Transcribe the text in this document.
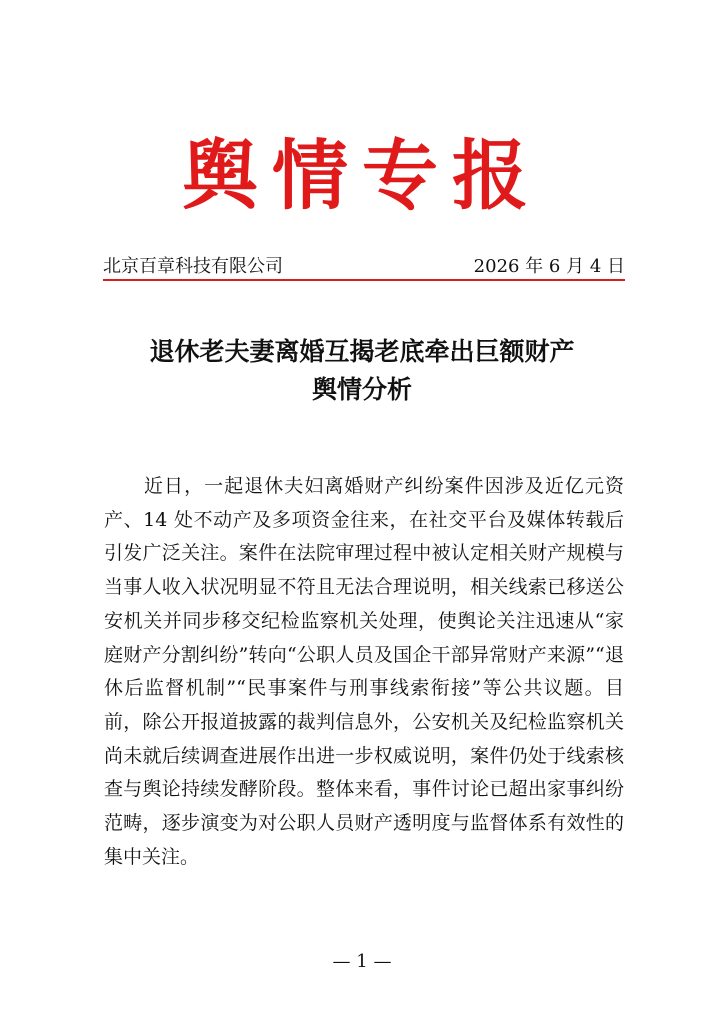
舆情专报
北京百章科技有限公司	2026 年 6 月 4 日
退休老夫妻离婚互揭老底牵出巨额财产
舆情分析

近日，一起退休夫妇离婚财产纠纷案件因涉及近亿元资产、14 处不动产及多项资金往来，在社交平台及媒体转载后引发广泛关注。案件在法院审理过程中被认定相关财产规模与当事人收入状况明显不符且无法合理说明，相关线索已移送公安机关并同步移交纪检监察机关处理，使舆论关注迅速从“家庭财产分割纠纷”转向“公职人员及国企干部异常财产来源”“退休后监督机制”“民事案件与刑事线索衔接”等公共议题。目前，除公开报道披露的裁判信息外，公安机关及纪检监察机关尚未就后续调查进展作出进一步权威说明，案件仍处于线索核查与舆论持续发酵阶段。整体来看，事件讨论已超出家事纠纷范畴，逐步演变为对公职人员财产透明度与监督体系有效性的集中关注。

— 1 —
